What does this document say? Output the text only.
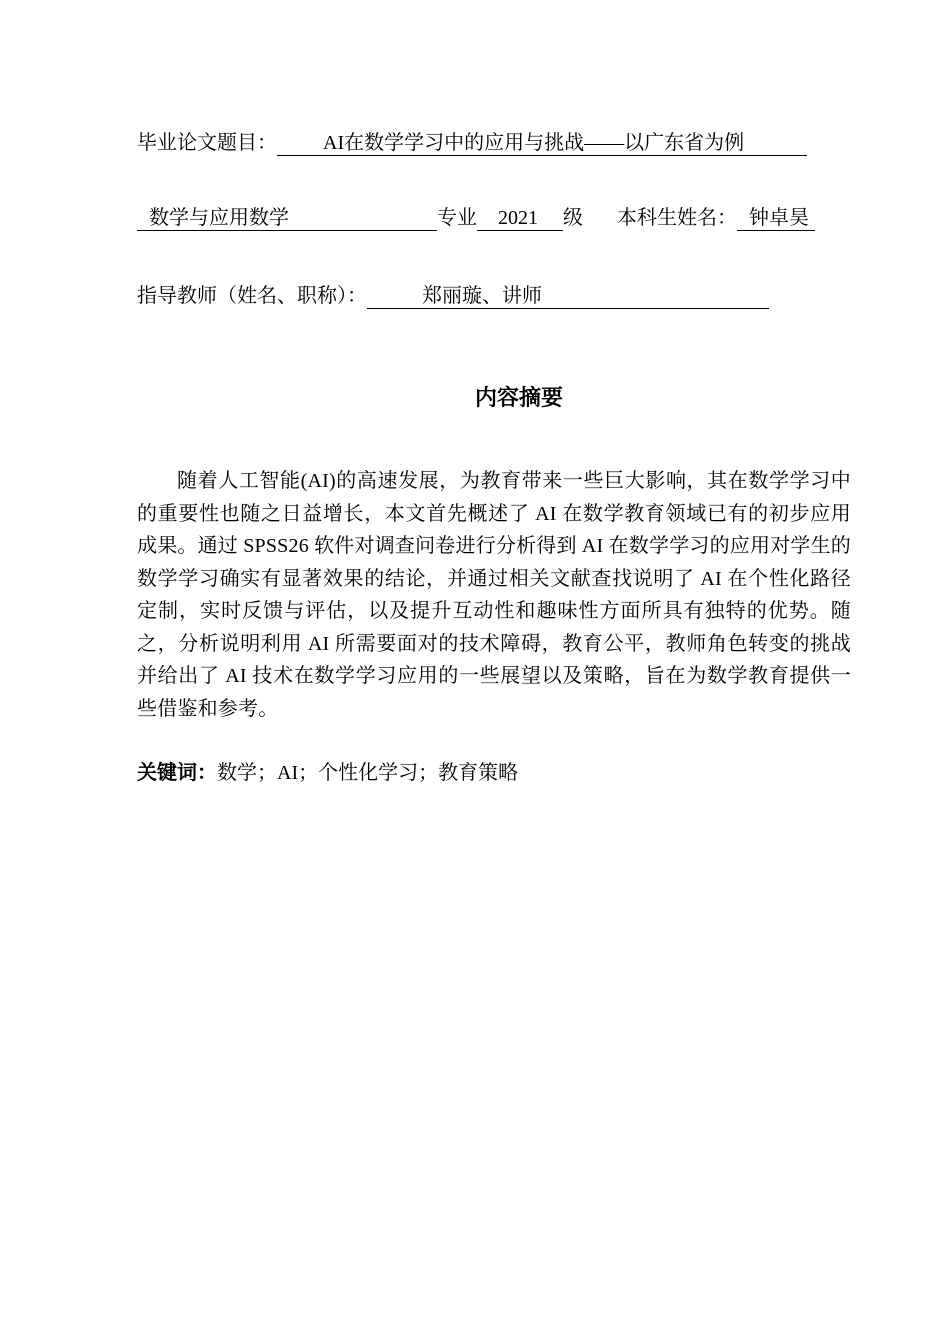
毕业论文题目： AI在数学学习中的应用与挑战——以广东省为例
数学与应用数学	专业 2021 级 本科生姓名： 钟卓昊
指导教师（姓名、职称）：	郑丽璇、讲师
内容摘要

随着人工智能(AI)的高速发展，为教育带来一些巨大影响，其在数学学习中的重要性也随之日益增长，本文首先概述了 AI 在数学教育领域已有的初步应用成果。通过 SPSS26 软件对调查问卷进行分析得到 AI 在数学学习的应用对学生的数学学习确实有显著效果的结论，并通过相关文献查找说明了 AI 在个性化路径定制，实时反馈与评估，以及提升互动性和趣味性方面所具有独特的优势。随之，分析说明利用 AI 所需要面对的技术障碍，教育公平，教师角色转变的挑战并给出了 AI 技术在数学学习应用的一些展望以及策略，旨在为数学教育提供一些借鉴和参考。

关键词：数学；AI；个性化学习；教育策略
